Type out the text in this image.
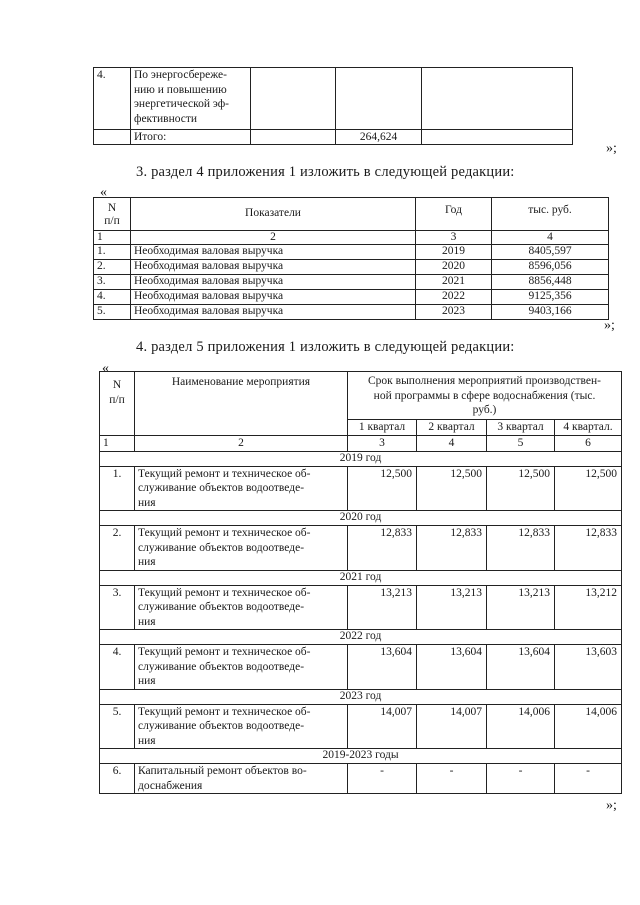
4.	По энергосбереже-
нию и повышению
энергетической эф-
фективности				

	Итого:		264,624		
»;
3. раздел 4 приложения 1 изложить в следующей редакции:
«
N
п/п	Показатели	Год	тыс. руб.
1	2	3	4
1.	Необходимая валовая выручка	2019	8405,597
2.	Необходимая валовая выручка	2020	8596,056
3.	Необходимая валовая выручка	2021	8856,448
4.	Необходимая валовая выручка	2022	9125,356
5.	Необходимая валовая выручка	2023	9403,166
»;
4. раздел 5 приложения 1 изложить в следующей редакции:
«
N
п/п	Наименование мероприятия	Срок выполнения мероприятий производствен-
ной программы в сфере водоснабжения (тыс.
руб.)			
		1 квартал	2 квартал	3 квартал	4 квартал.
1	2	3	4	5	6
2019 год					
1.	Текущий ремонт и техническое об-
служивание объектов водоотведе-
ния	12,500	12,500	12,500	12,500
2020 год					
2.	Текущий ремонт и техническое об-
служивание объектов водоотведе-
ния	12,833	12,833	12,833	12,833
2021 год					
3.	Текущий ремонт и техническое об-
служивание объектов водоотведе-
ния	13,213	13,213	13,213	13,212
2022 год					
4.	Текущий ремонт и техническое об-
служивание объектов водоотведе-
ния	13,604	13,604	13,604	13,603
2023 год					
5.	Текущий ремонт и техническое об-
служивание объектов водоотведе-
ния	14,007	14,007	14,006	14,006
2019-2023 годы					
6.	Капитальный ремонт объектов во-
доснабжения	-	-	-	-
»;
